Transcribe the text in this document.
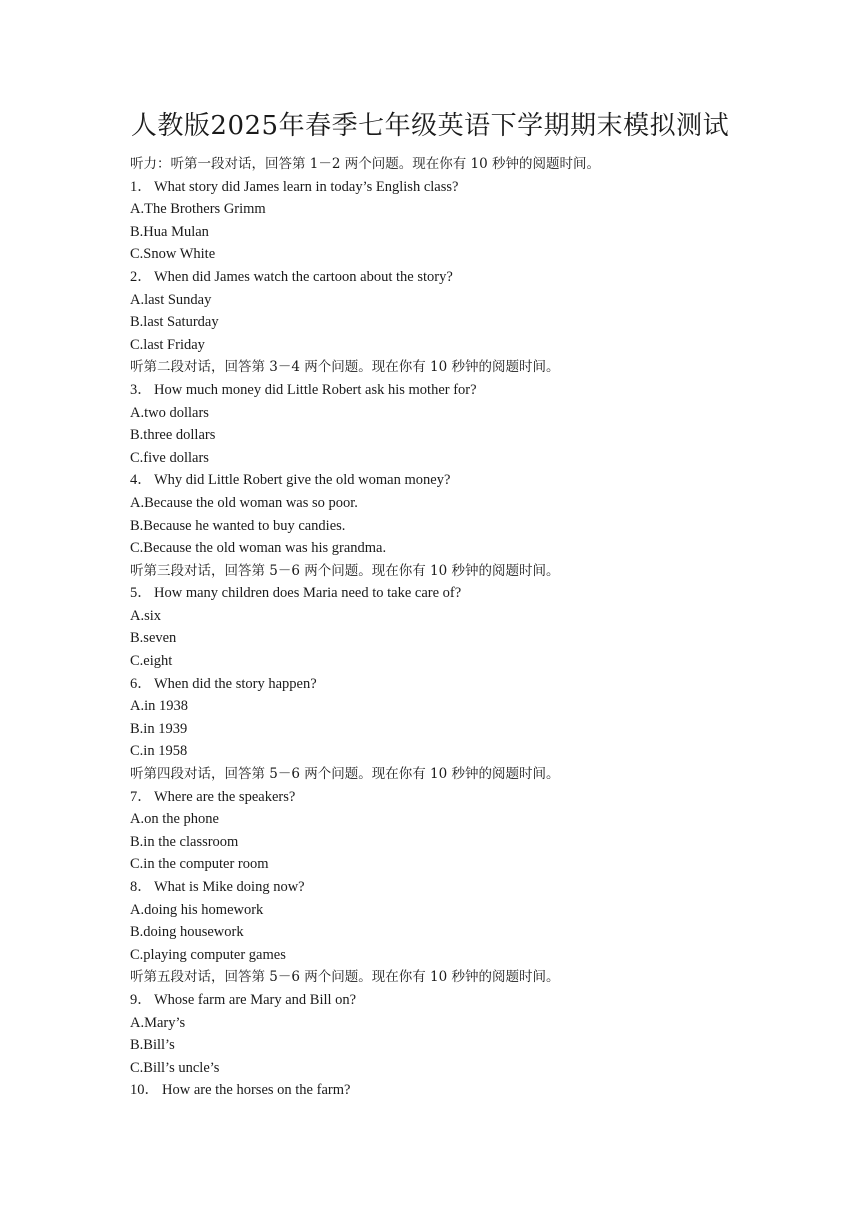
人教版2025年春季七年级英语下学期期末模拟测试

听力：听第一段对话，回答第 1－2 两个问题。现在你有 10 秒钟的阅题时间。

1． What story did James learn in today’s English class?

A.The Brothers Grimm

B.Hua Mulan

C.Snow White

2． When did James watch the cartoon about the story?

A.last Sunday

B.last Saturday

C.last Friday

听第二段对话，回答第 3－4 两个问题。现在你有 10 秒钟的阅题时间。

3． How much money did Little Robert ask his mother for?

A.two dollars

B.three dollars

C.five dollars

4． Why did Little Robert give the old woman money?

A.Because the old woman was so poor.

B.Because he wanted to buy candies.

C.Because the old woman was his grandma.

听第三段对话，回答第 5－6 两个问题。现在你有 10 秒钟的阅题时间。

5． How many children does Maria need to take care of?

A.six

B.seven

C.eight

6． When did the story happen?

A.in 1938

B.in 1939

C.in 1958

听第四段对话，回答第 5－6 两个问题。现在你有 10 秒钟的阅题时间。

7． Where are the speakers?

A.on the phone

B.in the classroom

C.in the computer room

8． What is Mike doing now?

A.doing his homework

B.doing housework

C.playing computer games

听第五段对话，回答第 5－6 两个问题。现在你有 10 秒钟的阅题时间。

9． Whose farm are Mary and Bill on?

A.Mary’s

B.Bill’s

C.Bill’s uncle’s

10． How are the horses on the farm?
